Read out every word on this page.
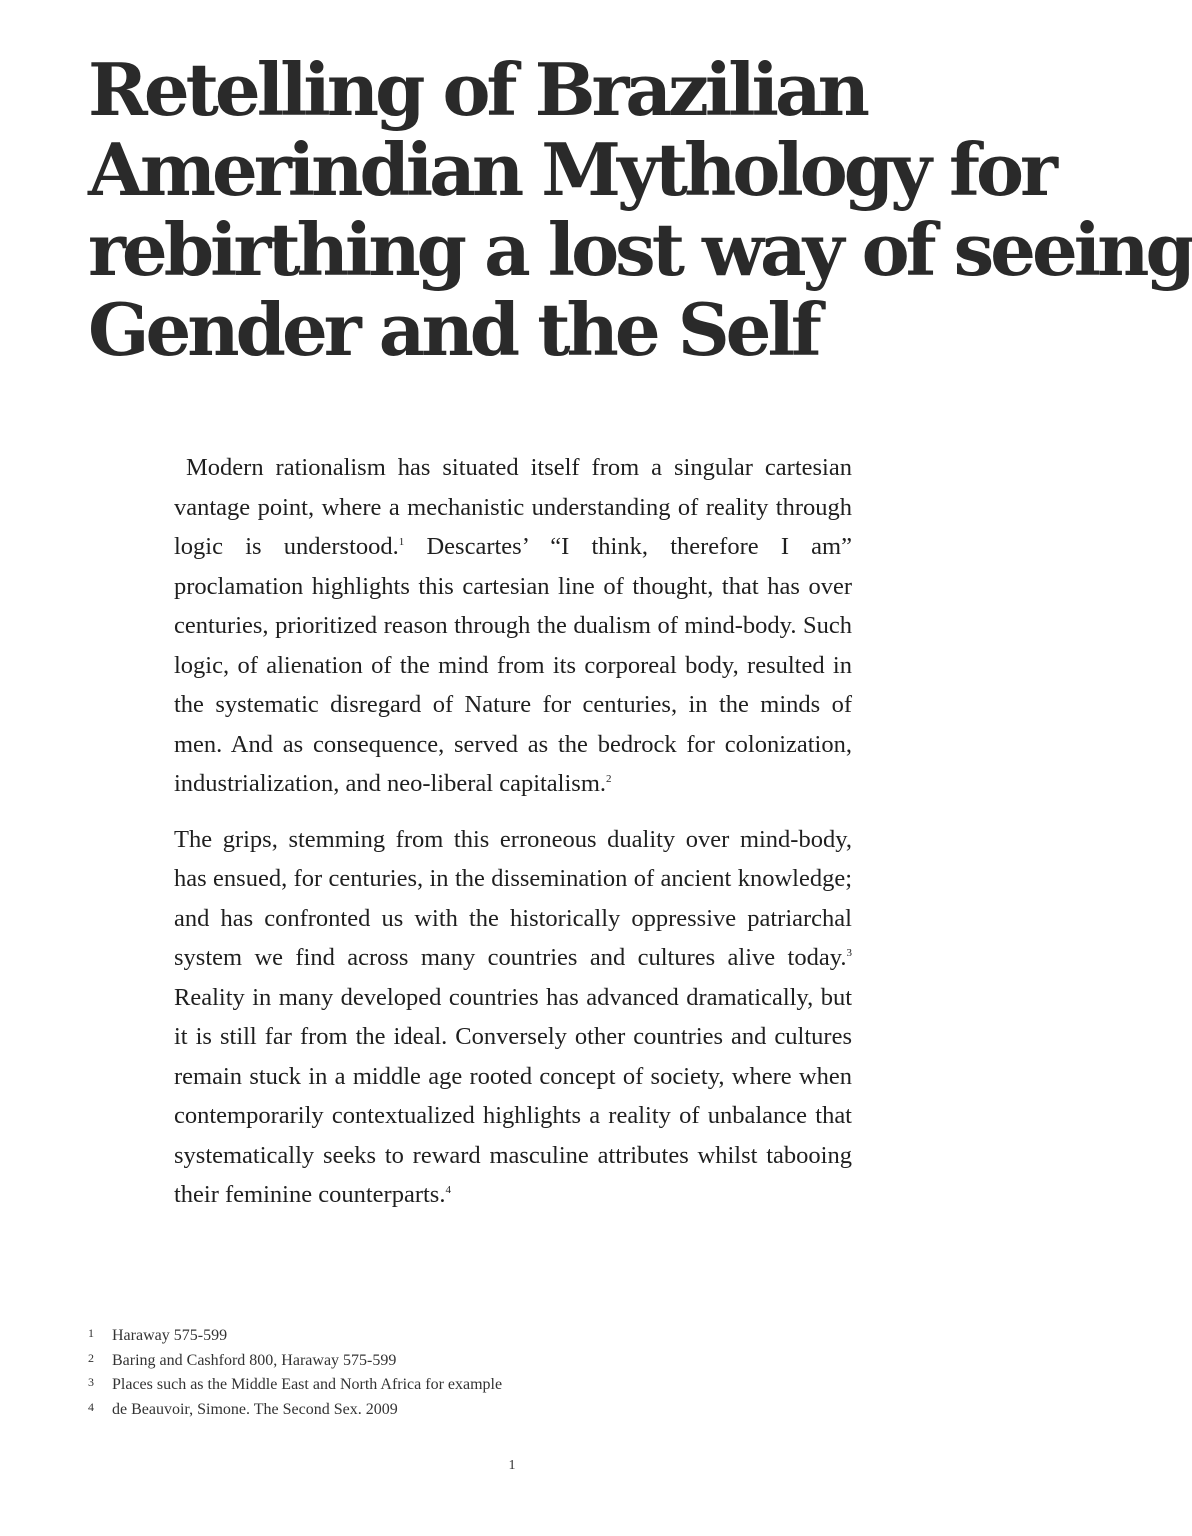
Retelling of Brazilian
Amerindian Mythology for
rebirthing a lost way of seeing
Gender and the Self

Modern rationalism has situated itself from a singular cartesian vantage point, where a mechanistic understanding of reality through logic is understood.$^1$ Descartes’ “I think, therefore I am” proclamation highlights this cartesian line of thought, that has over centuries, prioritized reason through the dualism of mind-body. Such logic, of alienation of the mind from its corporeal body, resulted in the systematic disregard of Nature for centuries, in the minds of men. And as consequence, served as the bedrock for colonization, industrialization, and neo-liberal capitalism.$^2$

The grips, stemming from this erroneous duality over mind-body, has ensued, for centuries, in the dissemination of ancient knowledge; and has confronted us with the historically oppressive patriarchal system we find across many countries and cultures alive today.$^3$ Reality in many developed countries has advanced dramatically, but it is still far from the ideal. Conversely other countries and cultures remain stuck in a middle age rooted concept of society, where when contemporarily contextualized highlights a reality of unbalance that systematically seeks to reward masculine attributes whilst tabooing their feminine counterparts.$^4$

1	Haraway 575-599
2	Baring and Cashford 800, Haraway 575-599
3	Places such as the Middle East and North Africa for example
4	de Beauvoir, Simone. The Second Sex. 2009
1
